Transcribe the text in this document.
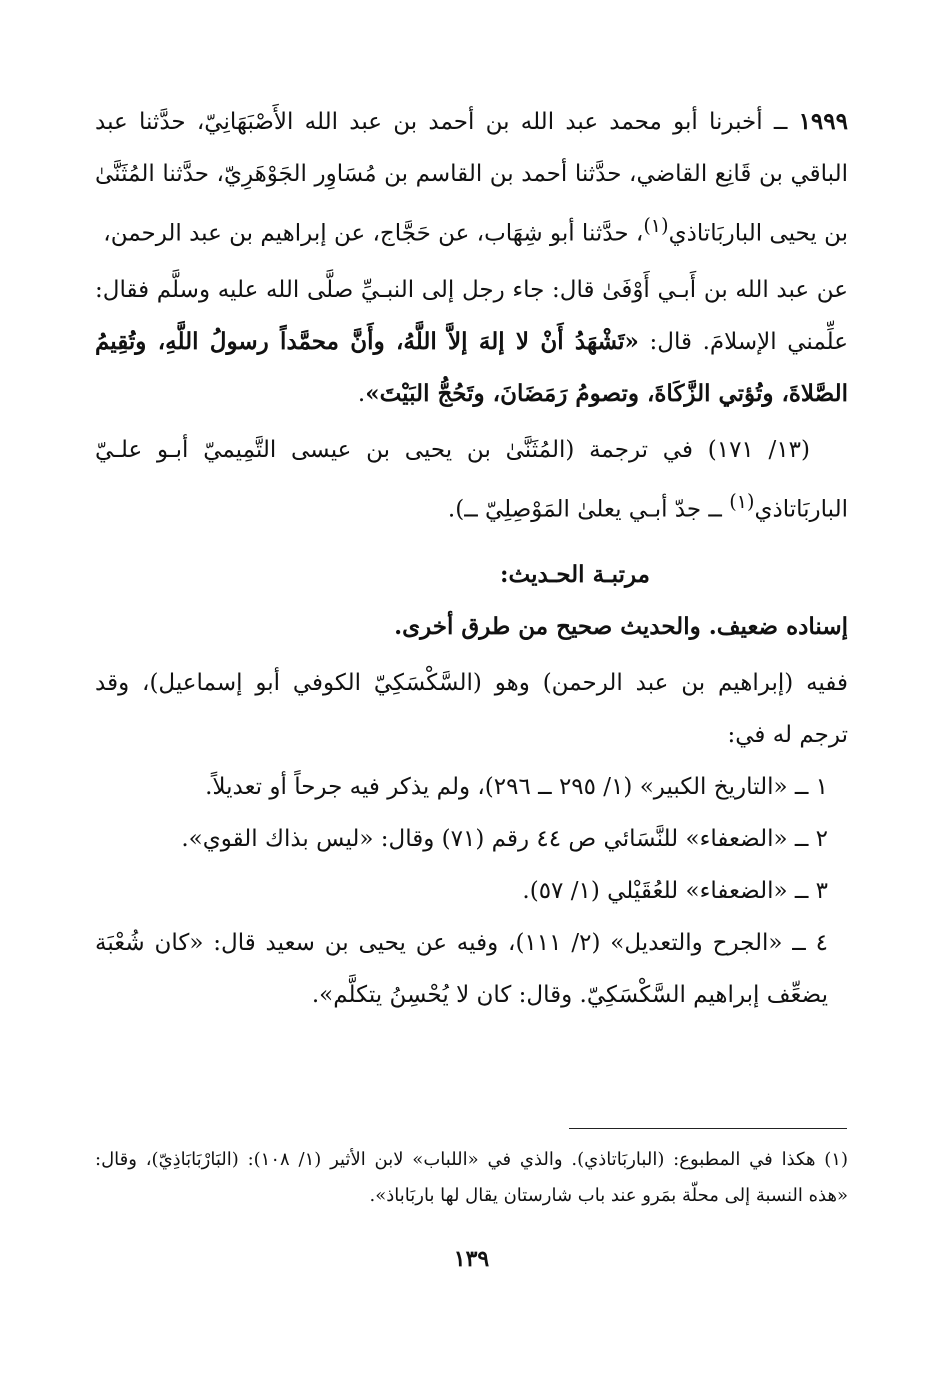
١٩٩٩ ــ أخبرنا أبو محمد عبد الله بن أحمد بن عبد الله الأَصْبَهَانِيّ، حدَّثنا عبد الباقي بن قَانِع القاضي، حدَّثنا أحمد بن القاسم بن مُسَاوِر الجَوْهَرِيّ، حدَّثنا المُثَنَّىٰ بن يحيى الباربَاتاذي$^{(١)}$، حدَّثنا أبو شِهَاب، عن حَجَّاج، عن إبراهيم بن عبد الرحمن،

عن عبد الله بن أَبـي أَوْفَىٰ قال: جاء رجل إلى النبـيِّ صلَّى الله عليه وسلَّم فقال: علِّمني الإسلامَ. قال: «تَشْهَدُ أَنْ لا إلهَ إلاَّ اللَّهُ، وأَنَّ محمَّداً رسولُ اللَّهِ، وتُقِيمُ الصَّلاةَ، وتُؤتي الزَّكَاةَ، وتصومُ رَمَضَانَ، وتَحُجُّ البَيْتَ».

(١٣/ ١٧١) في ترجمة (المُثَنَّىٰ بن يحيى بن عيسى التَّمِيميّ أبـو علـيّ الباربَاتاذي$^{(١)}$ ــ جدّ أبـي يعلىٰ المَوْصِلِيّ ــ).

مرتبـة الحـديث:

إسناده ضعيف. والحديث صحيح من طرق أخرى.

ففيه (إبراهيم بن عبد الرحمن) وهو (السَّكْسَكِيّ الكوفي أبو إسماعيل)، وقد ترجم له في:

١ ــ «التاريخ الكبير» (١/ ٢٩٥ ــ ٢٩٦)، ولم يذكر فيه جرحاً أو تعديلاً.

٢ ــ «الضعفاء» للنَّسَائي ص ٤٤ رقم (٧١) وقال: «ليس بذاك القوي».

٣ ــ «الضعفاء» للعُقَيْلي (١/ ٥٧).

٤ ــ «الجرح والتعديل» (٢/ ١١١)، وفيه عن يحيى بن سعيد قال: «كان شُعْبَة يضعِّف إبراهيم السَّكْسَكِيّ. وقال: كان لا يُحْسِنُ يتكلَّم».

(١) هكذا في المطبوع: (الباربَاتاذي). والذي في «اللباب» لابن الأثير (١/ ١٠٨): (البَارْبَابَاذِيّ)، وقال: «هذه النسبة إلى محلّة بمَرو عند باب شارستان يقال لها باربَاباذ».

١٣٩
